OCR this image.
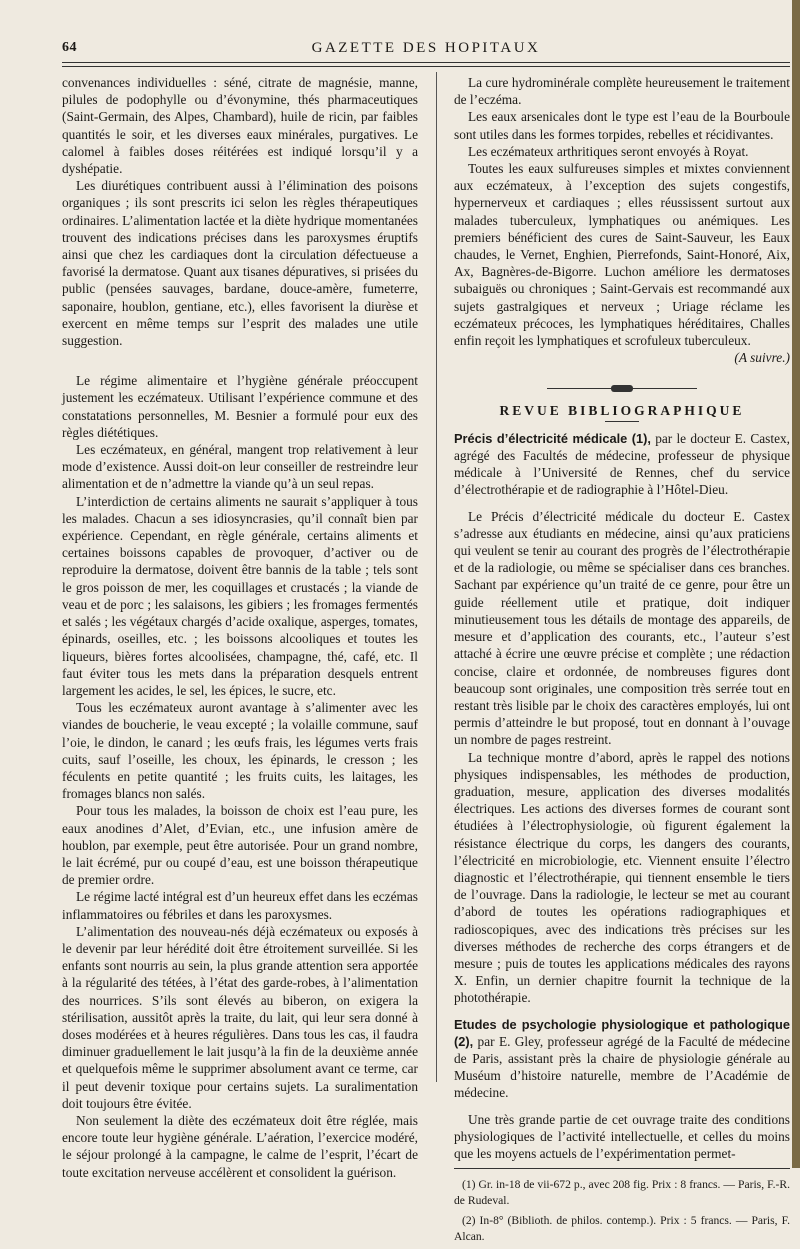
64	GAZETTE DES HOPITAUX

convenances individuelles : séné, citrate de magnésie, manne, pilules de podophylle ou d’évonymine, thés pharmaceutiques (Saint-Germain, des Alpes, Chambard), huile de ricin, par faibles quantités le soir, et les diverses eaux minérales, purgatives. Le calomel à faibles doses réitérées est indiqué lorsqu’il y a dyshépatie.

Les diurétiques contribuent aussi à l’élimination des poisons organiques ; ils sont prescrits ici selon les règles thérapeutiques ordinaires. L’alimentation lactée et la diète hydrique momentanées trouvent des indications précises dans les paroxysmes éruptifs ainsi que chez les cardiaques dont la circulation défectueuse a favorisé la dermatose. Quant aux tisanes dépuratives, si prisées du public (pensées sauvages, bardane, douce-amère, fumeterre, saponaire, houblon, gentiane, etc.), elles favorisent la diurèse et exercent en même temps sur l’esprit des malades une utile suggestion.

Le régime alimentaire et l’hygiène générale préoccupent justement les eczémateux. Utilisant l’expérience commune et des constatations personnelles, M. Besnier a formulé pour eux des règles diététiques.

Les eczémateux, en général, mangent trop relativement à leur mode d’existence. Aussi doit-on leur conseiller de restreindre leur alimentation et de n’admettre la viande qu’à un seul repas.

L’interdiction de certains aliments ne saurait s’appliquer à tous les malades. Chacun a ses idiosyncrasies, qu’il connaît bien par expérience. Cependant, en règle générale, certains aliments et certaines boissons capables de provoquer, d’activer ou de reproduire la dermatose, doivent être bannis de la table ; tels sont le gros poisson de mer, les coquillages et crustacés ; la viande de veau et de porc ; les salaisons, les gibiers ; les fromages fermentés et salés ; les végétaux chargés d’acide oxalique, asperges, tomates, épinards, oseilles, etc. ; les boissons alcooliques et toutes les liqueurs, bières fortes alcoolisées, champagne, thé, café, etc. Il faut éviter tous les mets dans la préparation desquels entrent largement les acides, le sel, les épices, le sucre, etc.

Tous les eczémateux auront avantage à s’alimenter avec les viandes de boucherie, le veau excepté ; la volaille commune, sauf l’oie, le dindon, le canard ; les œufs frais, les légumes verts frais cuits, sauf l’oseille, les choux, les épinards, le cresson ; les féculents en petite quantité ; les fruits cuits, les laitages, les fromages blancs non salés.

Pour tous les malades, la boisson de choix est l’eau pure, les eaux anodines d’Alet, d’Evian, etc., une infusion amère de houblon, par exemple, peut être autorisée. Pour un grand nombre, le lait écrémé, pur ou coupé d’eau, est une boisson thérapeutique de premier ordre.

Le régime lacté intégral est d’un heureux effet dans les eczémas inflammatoires ou fébriles et dans les paroxysmes.

L’alimentation des nouveau-nés déjà eczémateux ou exposés à le devenir par leur hérédité doit être étroitement surveillée. Si les enfants sont nourris au sein, la plus grande attention sera apportée à la régularité des tétées, à l’état des garde-robes, à l’alimentation des nourrices. S’ils sont élevés au biberon, on exigera la stérilisation, aussitôt après la traite, du lait, qui leur sera donné à doses modérées et à heures régulières. Dans tous les cas, il faudra diminuer graduellement le lait jusqu’à la fin de la deuxième année et quelquefois même le supprimer absolument avant ce terme, car il peut devenir toxique pour certains sujets. La suralimentation doit toujours être évitée.

Non seulement la diète des eczémateux doit être réglée, mais encore toute leur hygiène générale. L’aération, l’exercice modéré, le séjour prolongé à la campagne, le calme de l’esprit, l’écart de toute excitation nerveuse accélèrent et consolident la guérison.

La cure hydrominérale complète heureusement le traitement de l’eczéma.

Les eaux arsenicales dont le type est l’eau de la Bourboule sont utiles dans les formes torpides, rebelles et récidivantes.

Les eczémateux arthritiques seront envoyés à Royat.

Toutes les eaux sulfureuses simples et mixtes conviennent aux eczémateux, à l’exception des sujets congestifs, hypernerveux et cardiaques ; elles réussissent surtout aux malades tuberculeux, lymphatiques ou anémiques. Les premiers bénéficient des cures de Saint-Sauveur, les Eaux chaudes, le Vernet, Enghien, Pierrefonds, Saint-Honoré, Aix, Ax, Bagnères-de-Bigorre. Luchon améliore les dermatoses subaiguës ou chroniques ; Saint-Gervais est recommandé aux sujets gastralgiques et nerveux ; Uriage réclame les eczémateux précoces, les lymphatiques héréditaires, Challes enfin reçoit les lymphatiques et scrofuleux tuberculeux.

(A suivre.)

REVUE BIBLIOGRAPHIQUE

Précis d’électricité médicale (1), par le docteur E. Castex, agrégé des Facultés de médecine, professeur de physique médicale à l’Université de Rennes, chef du service d’électrothérapie et de radiographie à l’Hôtel-Dieu.

Le Précis d’électricité médicale du docteur E. Castex s’adresse aux étudiants en médecine, ainsi qu’aux praticiens qui veulent se tenir au courant des progrès de l’électrothérapie et de la radiologie, ou même se spécialiser dans ces branches. Sachant par expérience qu’un traité de ce genre, pour être un guide réellement utile et pratique, doit indiquer minutieusement tous les détails de montage des appareils, de mesure et d’application des courants, etc., l’auteur s’est attaché à écrire une œuvre précise et complète ; une rédaction concise, claire et ordonnée, de nombreuses figures dont beaucoup sont originales, une composition très serrée tout en restant très lisible par le choix des caractères employés, lui ont permis d’atteindre le but proposé, tout en donnant à l’ouvage un nombre de pages restreint.

La technique montre d’abord, après le rappel des notions physiques indispensables, les méthodes de production, graduation, mesure, application des diverses modalités électriques. Les actions des diverses formes de courant sont étudiées à l’électrophysiologie, où figurent également la résistance électrique du corps, les dangers des courants, l’électricité en microbiologie, etc. Viennent ensuite l’électro diagnostic et l’électrothérapie, qui tiennent ensemble le tiers de l’ouvrage. Dans la radiologie, le lecteur se met au courant d’abord de toutes les opérations radiographiques et radioscopiques, avec des indications très précises sur les diverses méthodes de recherche des corps étrangers et de mesure ; puis de toutes les applications médicales des rayons X. Enfin, un dernier chapitre fournit la technique de la photothérapie.

Etudes de psychologie physiologique et pathologique (2), par E. Gley, professeur agrégé de la Faculté de médecine de Paris, assistant près la chaire de physiologie générale au Muséum d’histoire naturelle, membre de l’Académie de médecine.

Une très grande partie de cet ouvrage traite des conditions physiologiques de l’activité intellectuelle, et celles du moins que les moyens actuels de l’expérimentation permet-

(1) Gr. in-18 de vii-672 p., avec 208 fig. Prix : 8 francs. — Paris, F.-R. de Rudeval.

(2) In-8° (Biblioth. de philos. contemp.). Prix : 5 francs. — Paris, F. Alcan.
